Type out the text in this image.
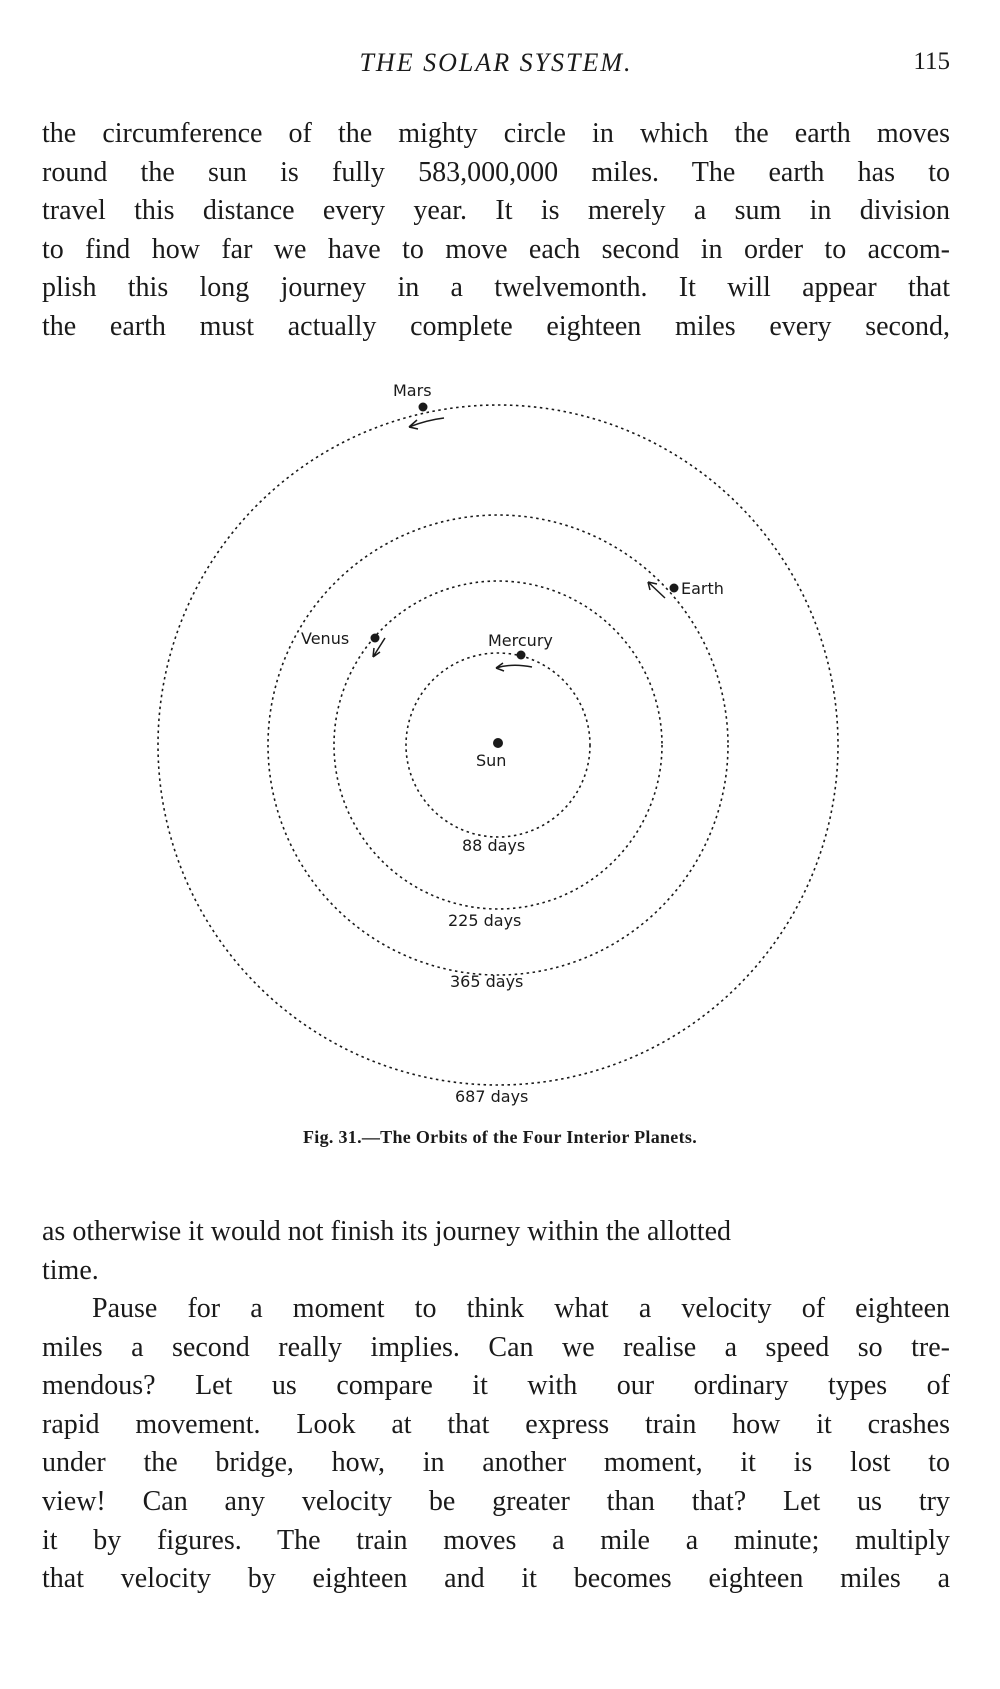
THE SOLAR SYSTEM.	115
the circumference of the mighty circle in which the earth moves
round the sun is fully 583,000,000 miles. The earth has to
travel this distance every year. It is merely a sum in division
to find how far we have to move each second in order to accom-
plish this long journey in a twelvemonth. It will appear that
the earth must actually complete eighteen miles every second,
Sun
Mercury
Venus
Earth
Mars
88 days
225 days
365 days
687 days
Fig. 31.—The Orbits of the Four Interior Planets.
as otherwise it would not finish its journey within the allotted
time.
Pause for a moment to think what a velocity of eighteen
miles a second really implies. Can we realise a speed so tre-
mendous? Let us compare it with our ordinary types of
rapid movement. Look at that express train how it crashes
under the bridge, how, in another moment, it is lost to
view! Can any velocity be greater than that? Let us try
it by figures. The train moves a mile a minute; multiply
that velocity by eighteen and it becomes eighteen miles a
